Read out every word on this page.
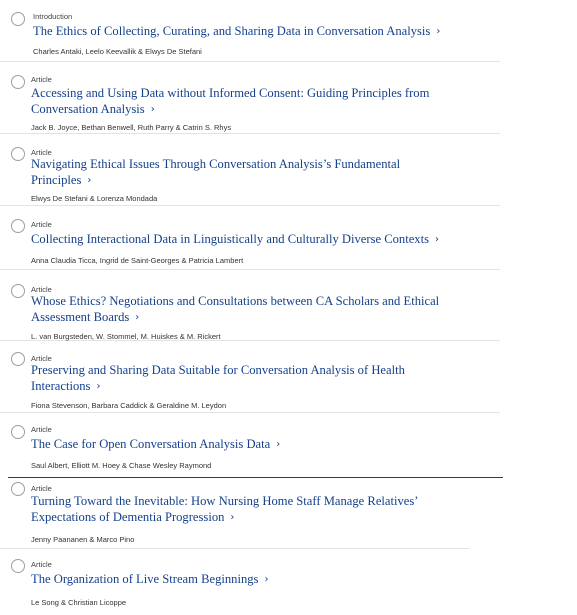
Introduction
The Ethics of Collecting, Curating, and Sharing Data in Conversation Analysis ›
Charles Antaki, Leelo Keevallik & Elwys De Stefani
Article
Accessing and Using Data without Informed Consent: Guiding Principles from
Conversation Analysis ›
Jack B. Joyce, Bethan Benwell, Ruth Parry & Catrin S. Rhys
Article
Navigating Ethical Issues Through Conversation Analysis’s Fundamental
Principles ›
Elwys De Stefani & Lorenza Mondada
Article
Collecting Interactional Data in Linguistically and Culturally Diverse Contexts ›
Anna Claudia Ticca, Ingrid de Saint-Georges & Patricia Lambert
Article
Whose Ethics? Negotiations and Consultations between CA Scholars and Ethical
Assessment Boards ›
L. van Burgsteden, W. Stommel, M. Huiskes & M. Rickert
Article
Preserving and Sharing Data Suitable for Conversation Analysis of Health
Interactions ›
Fiona Stevenson, Barbara Caddick & Geraldine M. Leydon
Article
The Case for Open Conversation Analysis Data ›
Saul Albert, Elliott M. Hoey & Chase Wesley Raymond
Article
Turning Toward the Inevitable: How Nursing Home Staff Manage Relatives’
Expectations of Dementia Progression ›
Jenny Paananen & Marco Pino
Article
The Organization of Live Stream Beginnings ›
Le Song & Christian Licoppe
